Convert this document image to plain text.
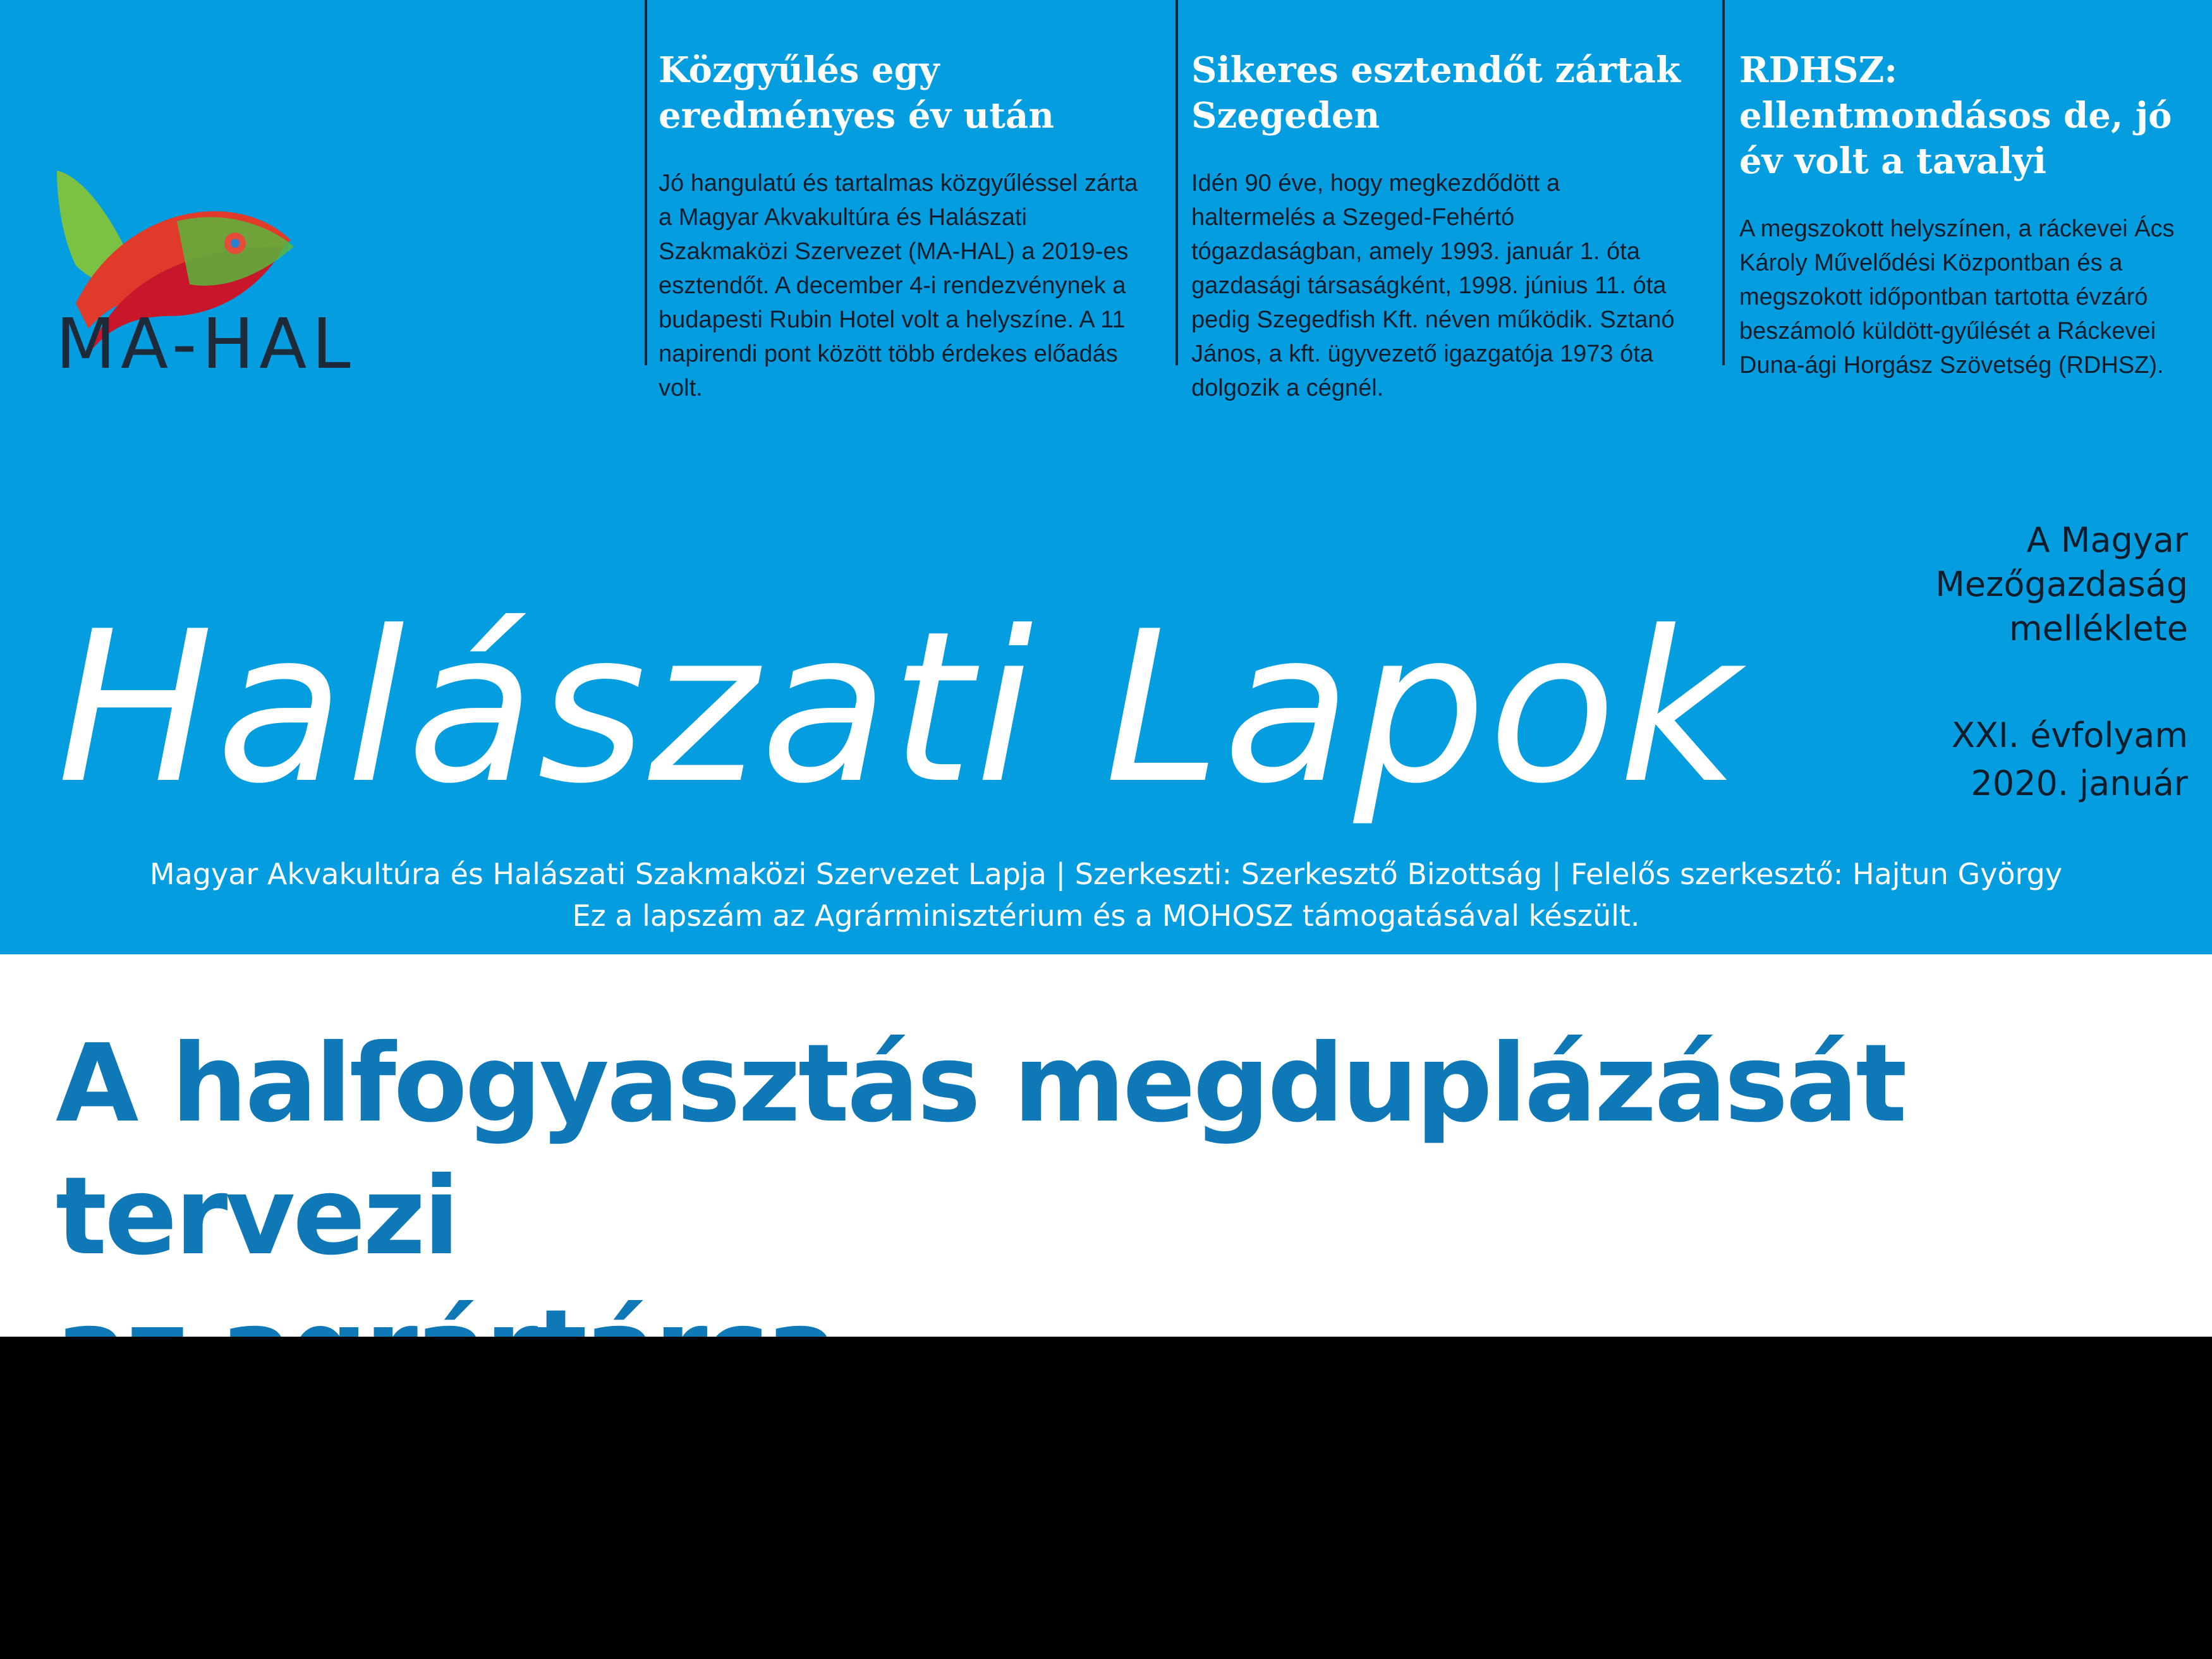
MA-HAL
Közgyűlés egy eredményes év után

Jó hangulatú és tartalmas közgyűléssel zárta a Magyar Akvakultúra és Halászati Szakmaközi Szervezet (MA-HAL) a 2019-es esztendőt. A december 4-i rendezvénynek a budapesti Rubin Hotel volt a helyszíne. A 11 napirendi pont között több érdekes előadás volt.

Sikeres esztendőt zártak Szegeden

Idén 90 éve, hogy megkezdődött a haltermelés a Szeged-Fehértó tógazdaságban, amely 1993. január 1. óta gazdasági társaságként, 1998. június 11. óta pedig Szegedfish Kft. néven működik. Sztanó János, a kft. ügyvezető igazgatója 1973 óta dolgozik a cégnél.

RDHSZ: ellentmondásos de, jó év volt a tavalyi

A megszokott helyszínen, a ráckevei Ács Károly Művelődési Központban és a megszokott időpontban tartotta évzáró beszámoló küldött-gyűlését a Ráckevei Duna-ági Horgász Szövetség (RDHSZ).

Halászati Lapok
A Magyar Mezőgazdaság melléklete
XXI. évfolyam
2020. január
Magyar Akvakultúra és Halászati Szakmaközi Szervezet Lapja | Szerkeszti: Szerkesztő Bizottság | Felelős szerkesztő: Hajtun György
Ez a lapszám az Agrárminisztérium és a MOHOSZ támogatásával készült.
A halfogyasztás megduplázását tervezi
